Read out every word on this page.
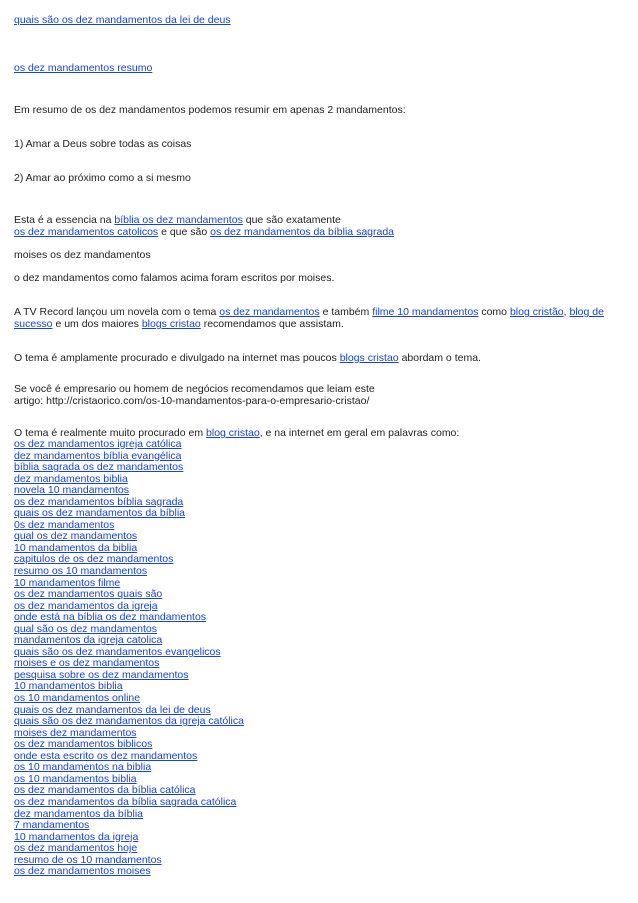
quais são os dez mandamentos da lei de deus
os dez mandamentos resumo
Em resumo de os dez mandamentos podemos resumir em apenas 2 mandamentos:
1) Amar a Deus sobre todas as coisas
2) Amar ao próximo como a si mesmo
Esta é a essencia na bíblia os dez mandamentos que são exatamente
os dez mandamentos catolicos e que são os dez mandamentos da bíblia sagrada
moises os dez mandamentos
o dez mandamentos como falamos acima foram escritos por moises.
A TV Record lançou um novela com o tema os dez mandamentos e também filme 10 mandamentos como blog cristão, blog de
sucesso e um dos maiores blogs cristao recomendamos que assistam.
O tema é amplamente procurado e divulgado na internet mas poucos blogs cristao abordam o tema.
Se você é empresario ou homem de negócios recomendamos que leiam este
artigo: http://cristaorico.com/os-10-mandamentos-para-o-empresario-cristao/
O tema é realmente muito procurado em blog cristao, e na internet em geral em palavras como:
os dez mandamentos igreja católica
dez mandamentos bíblia evangélica
bíblia sagrada os dez mandamentos
dez mandamentos biblia
novela 10 mandamentos
os dez mandamentos bíblia sagrada
quais os dez mandamentos da bíblia
0s dez mandamentos
qual os dez mandamentos
10 mandamentos da biblia
capitulos de os dez mandamentos
resumo os 10 mandamentos
10 mandamentos filme
os dez mandamentos quais são
os dez mandamentos da igreja
onde está na bíblia os dez mandamentos
qual são os dez mandamentos
mandamentos da igreja catolica
quais são os dez mandamentos evangelicos
moises e os dez mandamentos
pesquisa sobre os dez mandamentos
10 mandamentos biblia
os 10 mandamentos online
quais os dez mandamentos da lei de deus
quais são os dez mandamentos da igreja católica
moises dez mandamentos
os dez mandamentos biblicos
onde esta escrito os dez mandamentos
os 10 mandamentos na biblia
os 10 mandamentos biblia
os dez mandamentos da bíblia católica
os dez mandamentos da bíblia sagrada católica
dez mandamentos da bíblia
7 mandamentos
10 mandamentos da igreja
os dez mandamentos hoje
resumo de os 10 mandamentos
os dez mandamentos moises
